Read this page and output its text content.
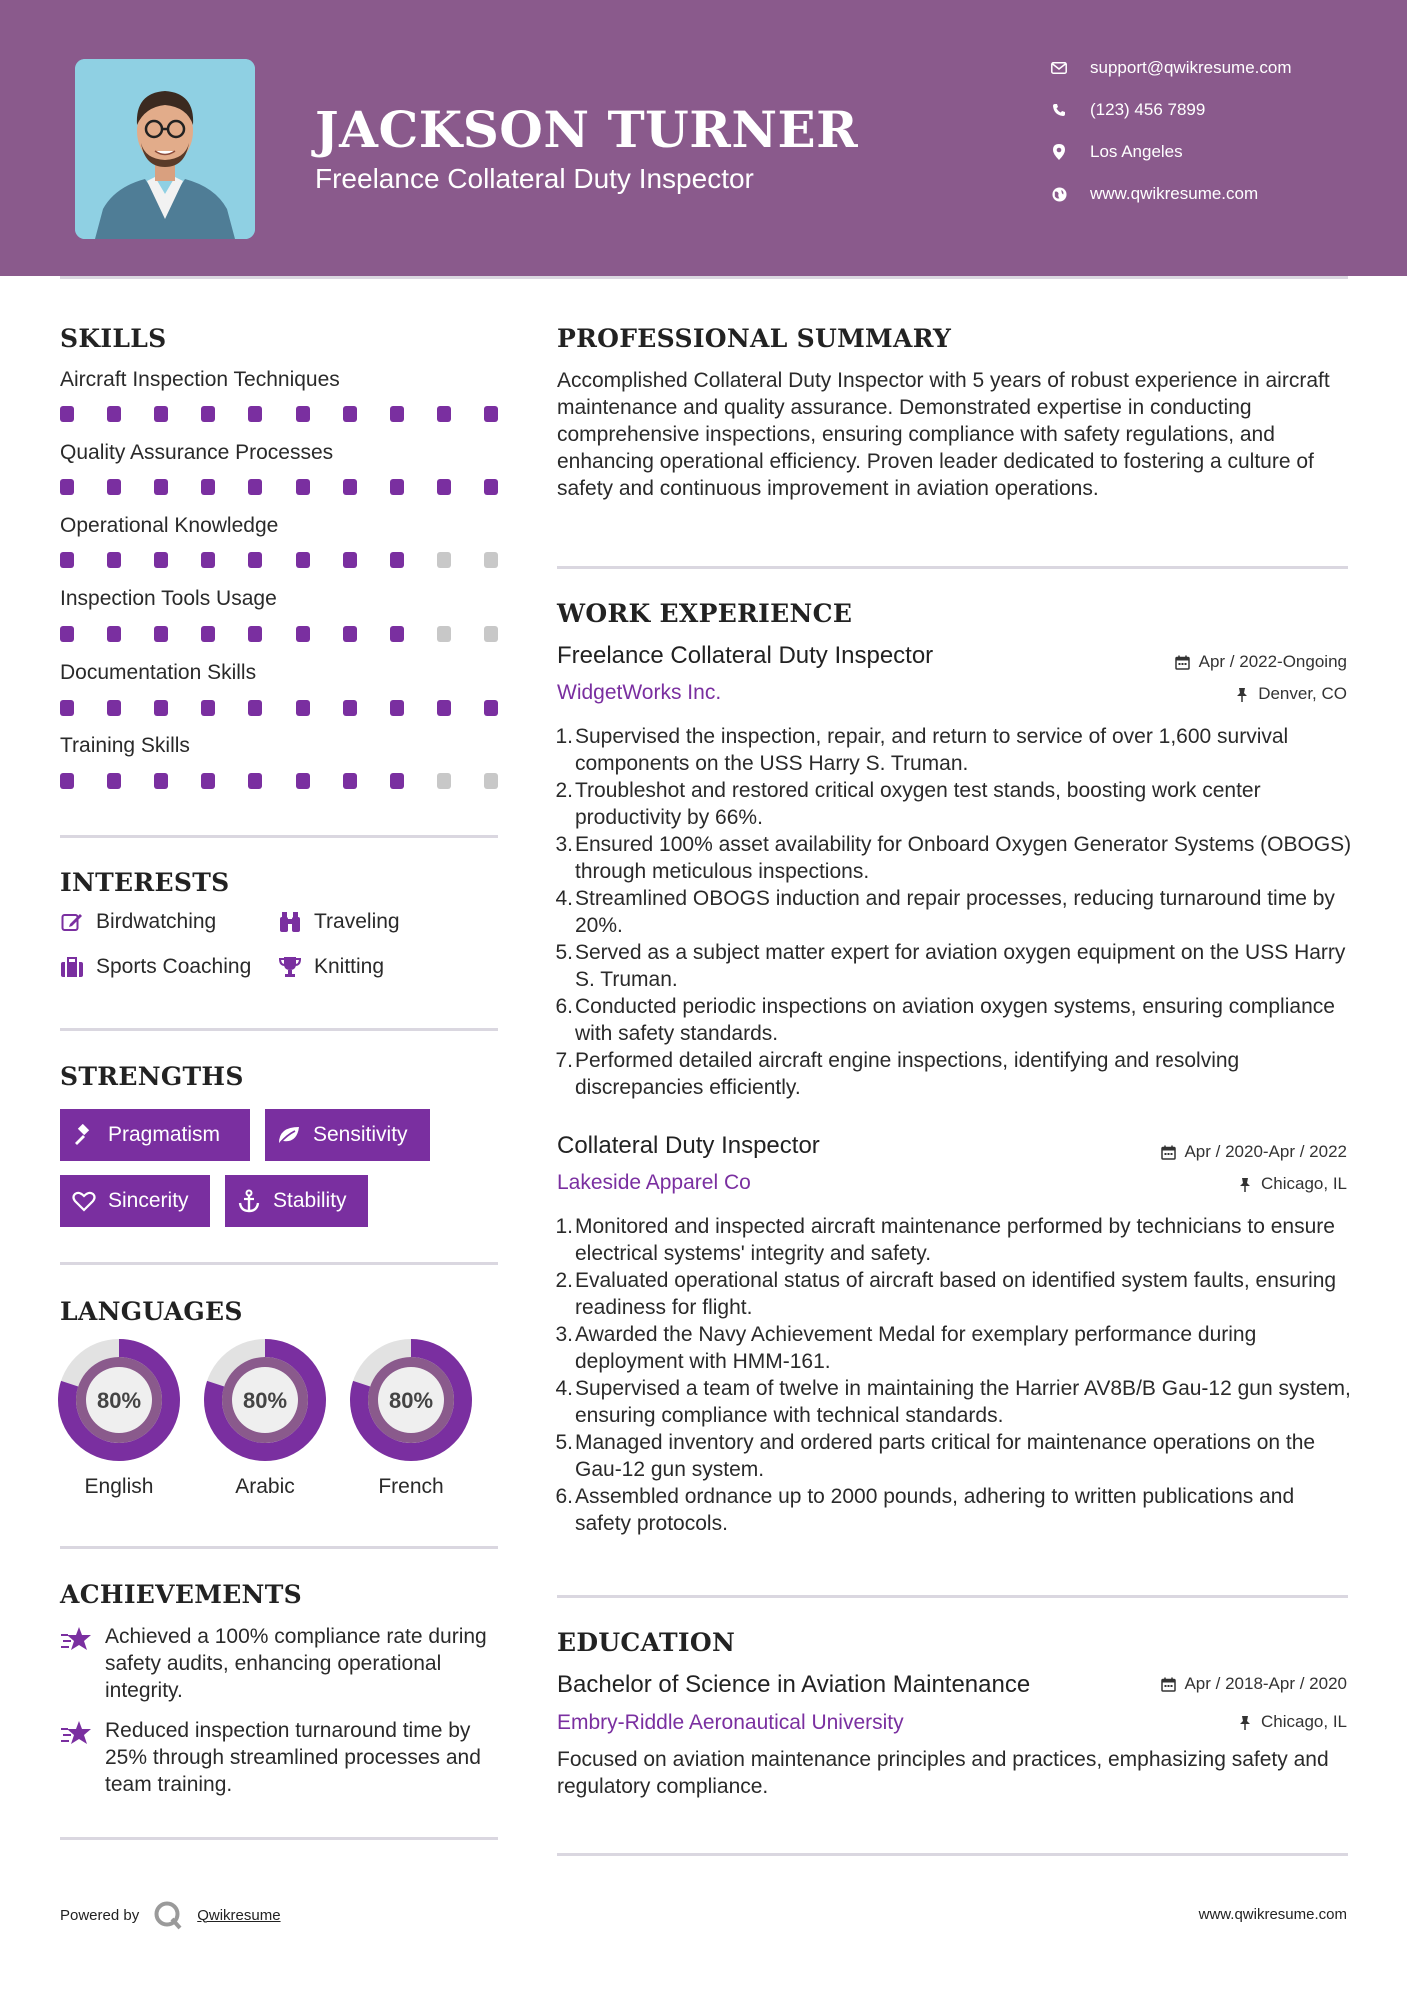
JACKSON TURNER
Freelance Collateral Duty Inspector
support@qwikresume.com
(123) 456 7899
Los Angeles
www.qwikresume.com
SKILLS
Aircraft Inspection Techniques
Quality Assurance Processes
Operational Knowledge
Inspection Tools Usage
Documentation Skills
Training Skills
INTERESTS
Birdwatching	Traveling
Sports Coaching	Knitting
STRENGTHS
Pragmatism	Sensitivity
Sincerity	Stability
LANGUAGES
80%	80%	80%
English	Arabic	French
ACHIEVEMENTS
Achieved a 100% compliance rate during safety audits, enhancing operational integrity.
Reduced inspection turnaround time by 25% through streamlined processes and team training.
PROFESSIONAL SUMMARY
Accomplished Collateral Duty Inspector with 5 years of robust experience in aircraft maintenance and quality assurance. Demonstrated expertise in conducting comprehensive inspections, ensuring compliance with safety regulations, and enhancing operational efficiency. Proven leader dedicated to fostering a culture of safety and continuous improvement in aviation operations.
WORK EXPERIENCE
Freelance Collateral Duty Inspector	Apr / 2022-Ongoing
WidgetWorks Inc.	Denver, CO
1. Supervised the inspection, repair, and return to service of over 1,600 survival components on the USS Harry S. Truman.
2. Troubleshot and restored critical oxygen test stands, boosting work center productivity by 66%.
3. Ensured 100% asset availability for Onboard Oxygen Generator Systems (OBOGS) through meticulous inspections.
4. Streamlined OBOGS induction and repair processes, reducing turnaround time by 20%.
5. Served as a subject matter expert for aviation oxygen equipment on the USS Harry S. Truman.
6. Conducted periodic inspections on aviation oxygen systems, ensuring compliance with safety standards.
7. Performed detailed aircraft engine inspections, identifying and resolving discrepancies efficiently.
Collateral Duty Inspector	Apr / 2020-Apr / 2022
Lakeside Apparel Co	Chicago, IL
1. Monitored and inspected aircraft maintenance performed by technicians to ensure electrical systems' integrity and safety.
2. Evaluated operational status of aircraft based on identified system faults, ensuring readiness for flight.
3. Awarded the Navy Achievement Medal for exemplary performance during deployment with HMM-161.
4. Supervised a team of twelve in maintaining the Harrier AV8B/B Gau-12 gun system, ensuring compliance with technical standards.
5. Managed inventory and ordered parts critical for maintenance operations on the Gau-12 gun system.
6. Assembled ordnance up to 2000 pounds, adhering to written publications and safety protocols.
EDUCATION
Bachelor of Science in Aviation Maintenance	Apr / 2018-Apr / 2020
Embry-Riddle Aeronautical University	Chicago, IL
Focused on aviation maintenance principles and practices, emphasizing safety and regulatory compliance.
Powered by	Qwikresume	www.qwikresume.com
